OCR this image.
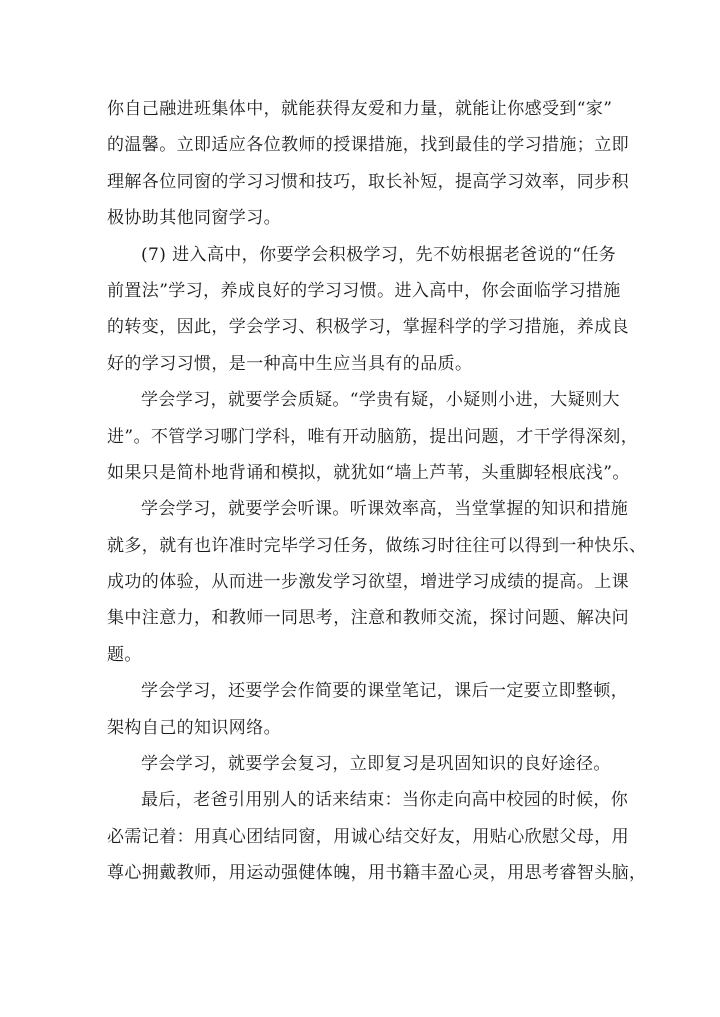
你自己融进班集体中，就能获得友爱和力量，就能让你感受到“家”
的温馨。立即适应各位教师的授课措施，找到最佳的学习措施；立即
理解各位同窗的学习习惯和技巧，取长补短，提高学习效率，同步积
极协助其他同窗学习。

(7) 进入高中，你要学会积极学习，先不妨根据老爸说的“任务
前置法”学习，养成良好的学习习惯。进入高中，你会面临学习措施
的转变，因此，学会学习、积极学习，掌握科学的学习措施，养成良
好的学习习惯，是一种高中生应当具有的品质。

学会学习，就要学会质疑。“学贵有疑，小疑则小进，大疑则大
进”。不管学习哪门学科，唯有开动脑筋，提出问题，才干学得深刻，
如果只是简朴地背诵和模拟，就犹如“墙上芦苇，头重脚轻根底浅”。

学会学习，就要学会听课。听课效率高，当堂掌握的知识和措施
就多，就有也许准时完毕学习任务，做练习时往往可以得到一种快乐、
成功的体验，从而进一步激发学习欲望，增进学习成绩的提高。上课
集中注意力，和教师一同思考，注意和教师交流，探讨问题、解决问
题。

学会学习，还要学会作简要的课堂笔记，课后一定要立即整顿，
架构自己的知识网络。

学会学习，就要学会复习，立即复习是巩固知识的良好途径。

最后，老爸引用别人的话来结束：当你走向高中校园的时候，你
必需记着：用真心团结同窗，用诚心结交好友，用贴心欣慰父母，用
尊心拥戴教师，用运动强健体魄，用书籍丰盈心灵，用思考睿智头脑，
